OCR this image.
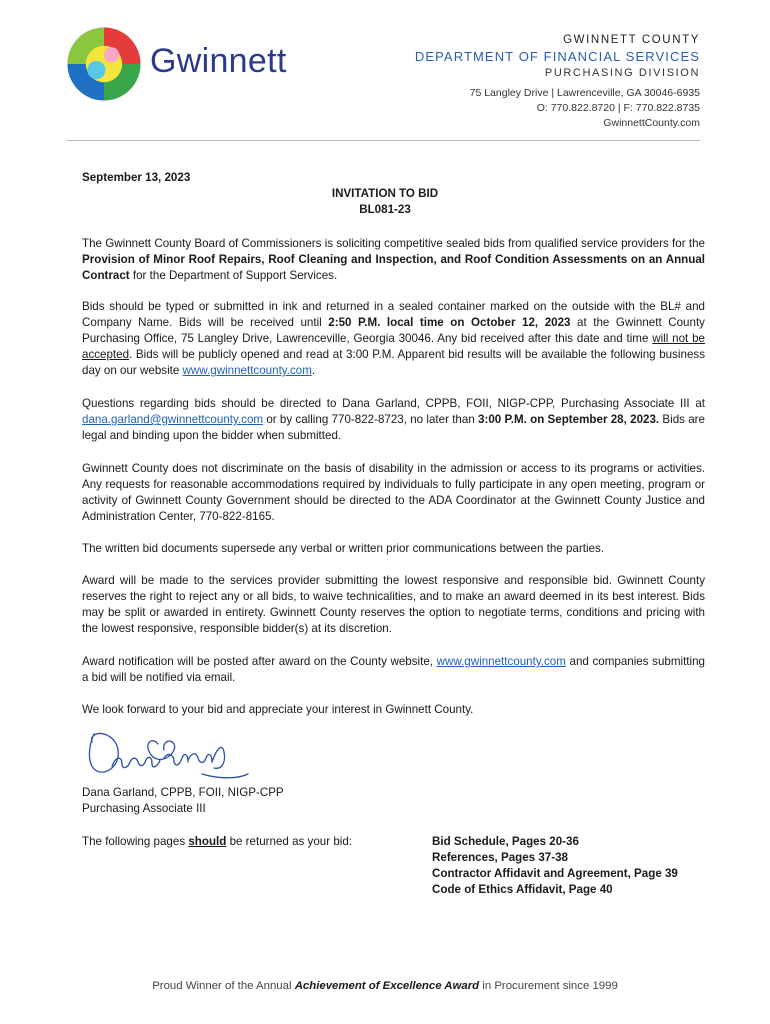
Gwinnett
GWINNETT COUNTY
DEPARTMENT OF FINANCIAL SERVICES
PURCHASING DIVISION
75 Langley Drive | Lawrenceville, GA 30046-6935
O: 770.822.8720 | F: 770.822.8735
GwinnettCounty.com
September 13, 2023
INVITATION TO BID
BL081-23

The Gwinnett County Board of Commissioners is soliciting competitive sealed bids from qualified service providers for the Provision of Minor Roof Repairs, Roof Cleaning and Inspection, and Roof Condition Assessments on an Annual Contract for the Department of Support Services.

Bids should be typed or submitted in ink and returned in a sealed container marked on the outside with the BL# and Company Name. Bids will be received until 2:50 P.M. local time on October 12, 2023 at the Gwinnett County Purchasing Office, 75 Langley Drive, Lawrenceville, Georgia 30046. Any bid received after this date and time will not be accepted. Bids will be publicly opened and read at 3:00 P.M. Apparent bid results will be available the following business day on our website www.gwinnettcounty.com.

Questions regarding bids should be directed to Dana Garland, CPPB, FOII, NIGP-CPP, Purchasing Associate III at dana.garland@gwinnettcounty.com or by calling 770-822-8723, no later than 3:00 P.M. on September 28, 2023. Bids are legal and binding upon the bidder when submitted.

Gwinnett County does not discriminate on the basis of disability in the admission or access to its programs or activities. Any requests for reasonable accommodations required by individuals to fully participate in any open meeting, program or activity of Gwinnett County Government should be directed to the ADA Coordinator at the Gwinnett County Justice and Administration Center, 770-822-8165.

The written bid documents supersede any verbal or written prior communications between the parties.

Award will be made to the services provider submitting the lowest responsive and responsible bid. Gwinnett County reserves the right to reject any or all bids, to waive technicalities, and to make an award deemed in its best interest. Bids may be split or awarded in entirety. Gwinnett County reserves the option to negotiate terms, conditions and pricing with the lowest responsive, responsible bidder(s) at its discretion.

Award notification will be posted after award on the County website, www.gwinnettcounty.com and companies submitting a bid will be notified via email.

We look forward to your bid and appreciate your interest in Gwinnett County.

Dana Garland, CPPB, FOII, NIGP-CPP
Purchasing Associate III
The following pages should be returned as your bid:	Bid Schedule, Pages 20-36
References, Pages 37-38
Contractor Affidavit and Agreement, Page 39
Code of Ethics Affidavit, Page 40
Proud Winner of the Annual Achievement of Excellence Award in Procurement since 1999
